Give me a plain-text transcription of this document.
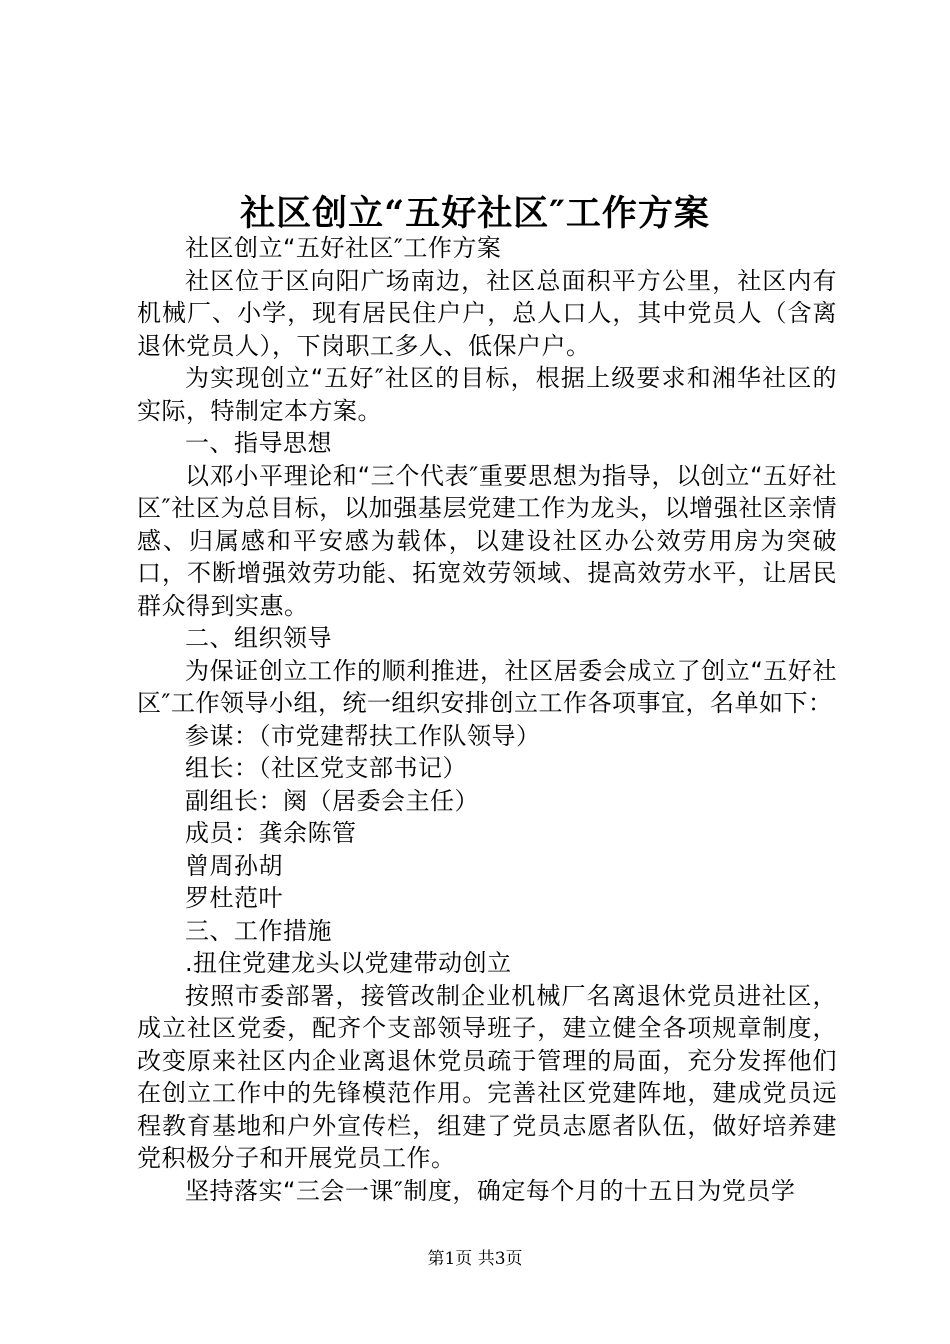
社区创立“五好社区″工作方案

社区创立“五好社区″工作方案

社区位于区向阳广场南边，社区总面积平方公里，社区内有机械厂、小学，现有居民住户户，总人口人，其中党员人（含离退休党员人），下岗职工多人、低保户户。

为实现创立“五好″社区的目标，根据上级要求和湘华社区的实际，特制定本方案。

一、指导思想

以邓小平理论和“三个代表″重要思想为指导，以创立“五好社区″社区为总目标，以加强基层党建工作为龙头，以增强社区亲情感、归属感和平安感为载体，以建设社区办公效劳用房为突破口，不断增强效劳功能、拓宽效劳领域、提高效劳水平，让居民群众得到实惠。

二、组织领导

为保证创立工作的顺利推进，社区居委会成立了创立“五好社区″工作领导小组，统一组织安排创立工作各项事宜，名单如下：

参谋：（市党建帮扶工作队领导）

组长：（社区党支部书记）

副组长：阕（居委会主任）

成员：龚余陈管

曾周孙胡

罗杜范叶

三、工作措施

.扭住党建龙头以党建带动创立

按照市委部署，接管改制企业机械厂名离退休党员进社区，成立社区党委，配齐个支部领导班子，建立健全各项规章制度，改变原来社区内企业离退休党员疏于管理的局面，充分发挥他们在创立工作中的先锋模范作用。完善社区党建阵地，建成党员远程教育基地和户外宣传栏，组建了党员志愿者队伍，做好培养建党积极分子和开展党员工作。

坚持落实“三会一课″制度，确定每个月的十五日为党员学

第1页 共3页
